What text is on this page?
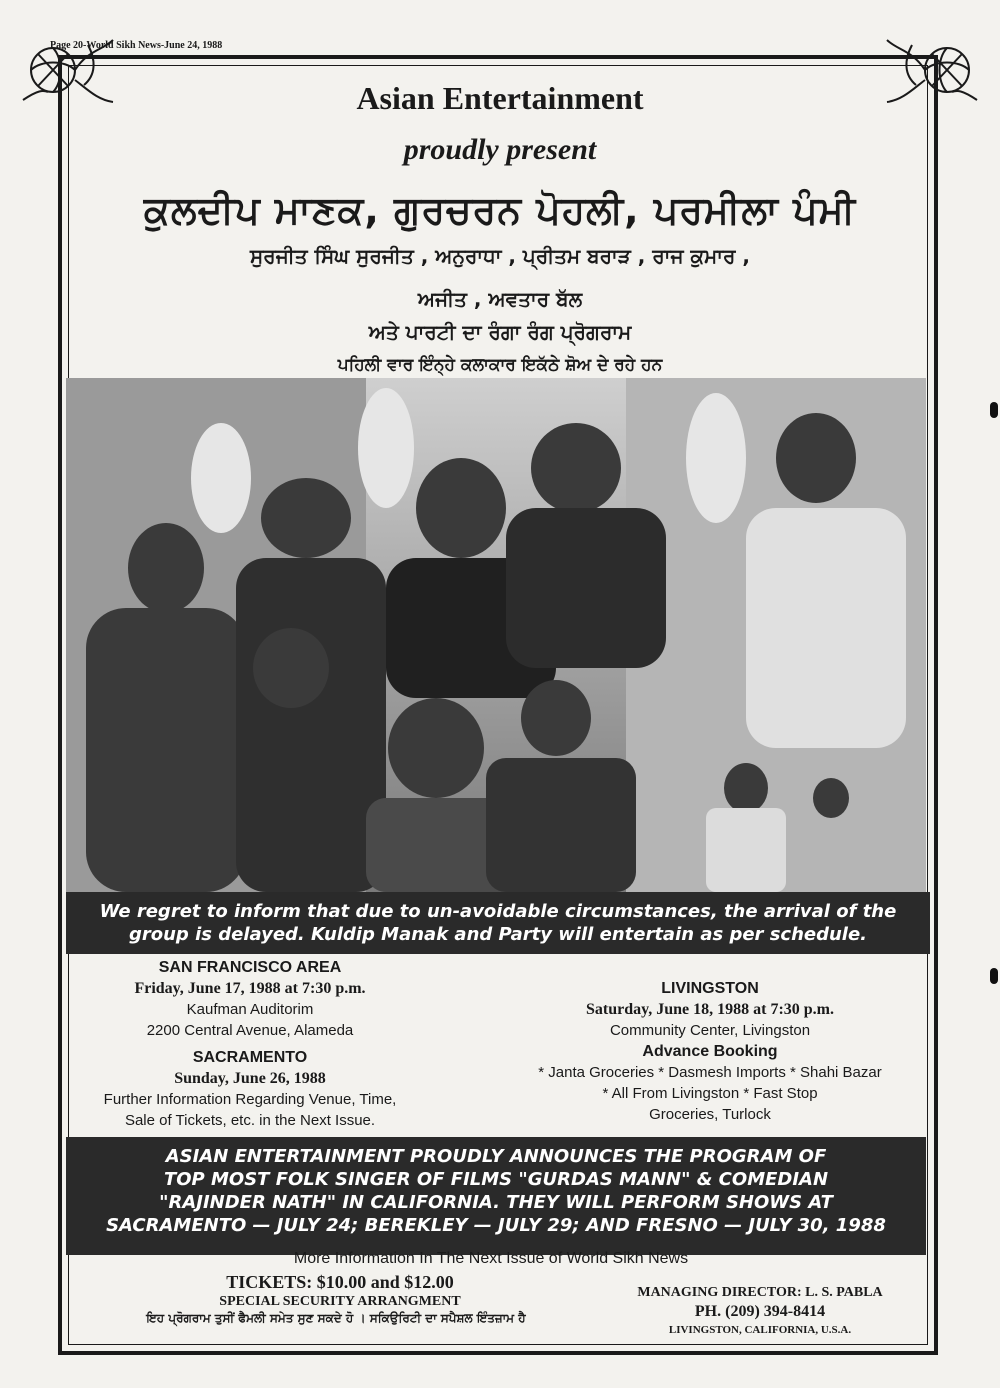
Page 20-World Sikh News-June 24, 1988
Asian Entertainment
proudly present
ਕੁਲਦੀਪ ਮਾਣਕ, ਗੁਰਚਰਨ ਪੋਹਲੀ, ਪਰਮੀਲਾ ਪੰਮੀ
ਸੁਰਜੀਤ ਸਿੰਘ ਸੁਰਜੀਤ , ਅਨੁਰਾਧਾ , ਪ੍ਰੀਤਮ ਬਰਾੜ , ਰਾਜ ਕੁਮਾਰ ,
ਅਜੀਤ , ਅਵਤਾਰ ਬੱਲ
ਅਤੇ ਪਾਰਟੀ ਦਾ ਰੰਗਾ ਰੰਗ ਪ੍ਰੋਗਰਾਮ
ਪਹਿਲੀ ਵਾਰ ਇੰਨ੍ਹੇ ਕਲਾਕਾਰ ਇਕੱਠੇ ਸ਼ੋਅ ਦੇ ਰਹੇ ਹਨ
We regret to inform that due to un-avoidable circumstances, the arrival of the
group is delayed. Kuldip Manak and Party will entertain as per schedule.
SAN FRANCISCO AREA
Friday, June 17, 1988 at 7:30 p.m.
Kaufman Auditorim
2200 Central Avenue, Alameda
SACRAMENTO
Sunday, June 26, 1988
Further Information Regarding Venue, Time,
Sale of Tickets, etc. in the Next Issue.
LIVINGSTON
Saturday, June 18, 1988 at 7:30 p.m.
Community Center, Livingston
Advance Booking
* Janta Groceries * Dasmesh Imports * Shahi Bazar
* All From Livingston * Fast Stop
Groceries, Turlock
ASIAN ENTERTAINMENT PROUDLY ANNOUNCES THE PROGRAM OF
TOP MOST FOLK SINGER OF FILMS "GURDAS MANN" & COMEDIAN
"RAJINDER NATH" IN CALIFORNIA. THEY WILL PERFORM SHOWS AT
SACRAMENTO — JULY 24; BEREKLEY — JULY 29; AND FRESNO — JULY 30, 1988
More Information In The Next Issue of World Sikh News
TICKETS: $10.00 and $12.00
SPECIAL SECURITY ARRANGMENT
ਇਹ ਪ੍ਰੋਗਰਾਮ ਤੁਸੀਂ ਫੈਮਲੀ ਸਮੇਤ ਸੁਣ ਸਕਦੇ ਹੋ । ਸਕਿਉਰਿਟੀ ਦਾ ਸਪੈਸ਼ਲ ਇੰਤਜ਼ਾਮ ਹੈ
MANAGING DIRECTOR: L. S. PABLA
PH. (209) 394-8414
LIVINGSTON, CALIFORNIA, U.S.A.
